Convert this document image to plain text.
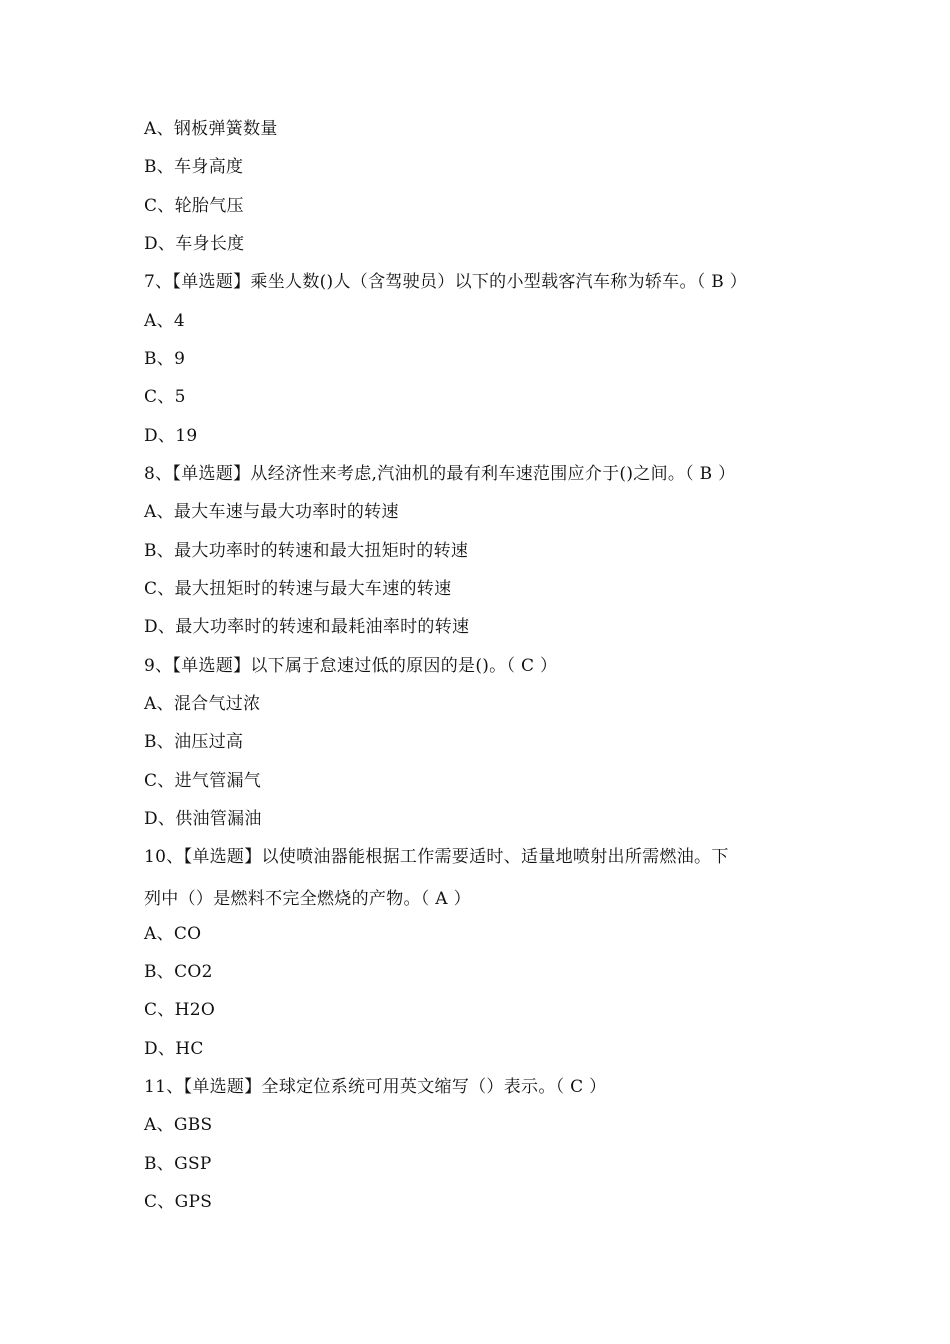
A、钢板弹簧数量
B、车身高度
C、轮胎气压
D、车身长度
7、【单选题】乘坐人数()人（含驾驶员）以下的小型载客汽车称为轿车。（ B ）
A、4
B、9
C、5
D、19
8、【单选题】从经济性来考虑,汽油机的最有利车速范围应介于()之间。（ B ）
A、最大车速与最大功率时的转速
B、最大功率时的转速和最大扭矩时的转速
C、最大扭矩时的转速与最大车速的转速
D、最大功率时的转速和最耗油率时的转速
9、【单选题】以下属于怠速过低的原因的是()。（ C ）
A、混合气过浓
B、油压过高
C、进气管漏气
D、供油管漏油
10、【单选题】以使喷油器能根据工作需要适时、适量地喷射出所需燃油。下
列中（）是燃料不完全燃烧的产物。（ A ）
A、CO
B、CO2
C、H2O
D、HC
11、【单选题】全球定位系统可用英文缩写（）表示。（ C ）
A、GBS
B、GSP
C、GPS
